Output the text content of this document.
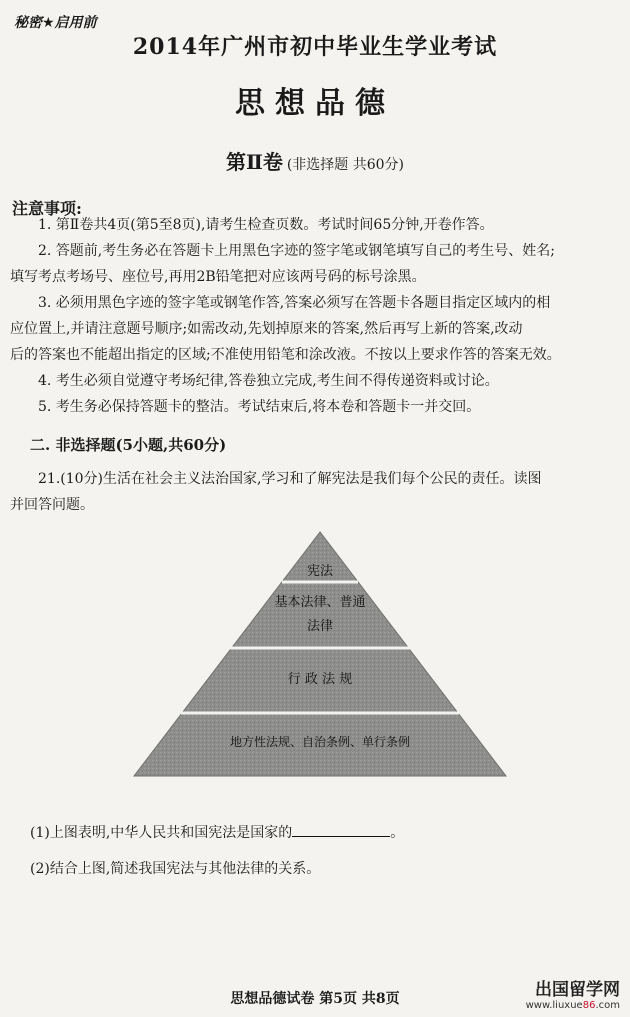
秘密★启用前
2014年广州市初中毕业生学业考试
思想品德
第Ⅱ卷 (非选择题 共60分)
注意事项:

1. 第Ⅱ卷共4页(第5至8页),请考生检查页数。考试时间65分钟,开卷作答。

2. 答题前,考生务必在答题卡上用黑色字迹的签字笔或钢笔填写自己的考生号、姓名;

填写考点考场号、座位号,再用2B铅笔把对应该两号码的标号涂黑。

3. 必须用黑色字迹的签字笔或钢笔作答,答案必须写在答题卡各题目指定区域内的相

应位置上,并请注意题号顺序;如需改动,先划掉原来的答案,然后再写上新的答案,改动

后的答案也不能超出指定的区域;不准使用铅笔和涂改液。不按以上要求作答的答案无效。

4. 考生必须自觉遵守考场纪律,答卷独立完成,考生间不得传递资料或讨论。

5. 考生务必保持答题卡的整洁。考试结束后,将本卷和答题卡一并交回。

二. 非选择题(5小题,共60分)

21.(10分)生活在社会主义法治国家,学习和了解宪法是我们每个公民的责任。读图

并回答问题。

宪法
基本法律、普通
法律
行 政 法 规
地方性法规、自治条例、单行条例
(1)上图表明,中华人民共和国宪法是国家的	。
(2)结合上图,简述我国宪法与其他法律的关系。
思想品德试卷 第5页 共8页	出国留学网
www.liuxue86.com
